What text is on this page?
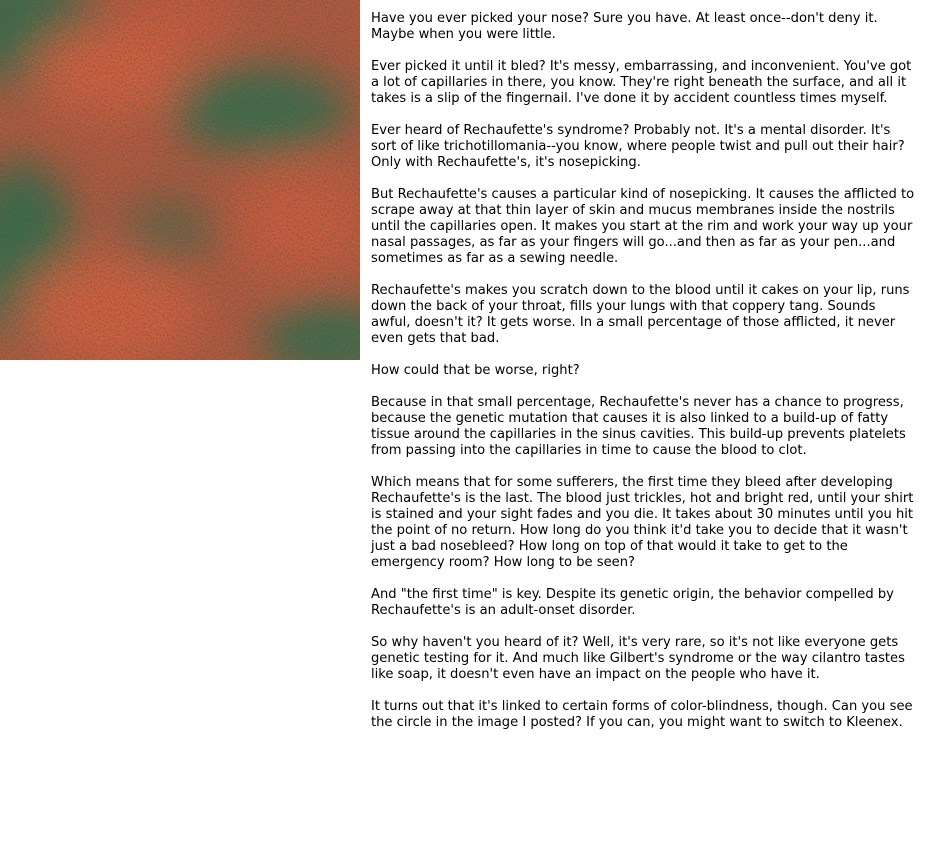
Have you ever picked your nose? Sure you have. At least once--don't deny it. Maybe when you were little.

Ever picked it until it bled? It's messy, embarrassing, and inconvenient. You've got a lot of capillaries in there, you know. They're right beneath the surface, and all it takes is a slip of the fingernail. I've done it by accident countless times myself.

Ever heard of Rechaufette's syndrome? Probably not. It's a mental disorder. It's sort of like trichotillomania--you know, where people twist and pull out their hair? Only with Rechaufette's, it's nosepicking.

But Rechaufette's causes a particular kind of nosepicking. It causes the afflicted to scrape away at that thin layer of skin and mucus membranes inside the nostrils until the capillaries open. It makes you start at the rim and work your way up your nasal passages, as far as your fingers will go...and then as far as your pen...and sometimes as far as a sewing needle.

Rechaufette's makes you scratch down to the blood until it cakes on your lip, runs down the back of your throat, fills your lungs with that coppery tang. Sounds awful, doesn't it? It gets worse. In a small percentage of those afflicted, it never even gets that bad.

How could that be worse, right?

Because in that small percentage, Rechaufette's never has a chance to progress, because the genetic mutation that causes it is also linked to a build-up of fatty tissue around the capillaries in the sinus cavities. This build-up prevents platelets from passing into the capillaries in time to cause the blood to clot.

Which means that for some sufferers, the first time they bleed after developing Rechaufette's is the last. The blood just trickles, hot and bright red, until your shirt is stained and your sight fades and you die. It takes about 30 minutes until you hit the point of no return. How long do you think it'd take you to decide that it wasn't just a bad nosebleed? How long on top of that would it take to get to the emergency room? How long to be seen?

And "the first time" is key. Despite its genetic origin, the behavior compelled by Rechaufette's is an adult-onset disorder.

So why haven't you heard of it? Well, it's very rare, so it's not like everyone gets genetic testing for it. And much like Gilbert's syndrome or the way cilantro tastes like soap, it doesn't even have an impact on the people who have it.

It turns out that it's linked to certain forms of color-blindness, though. Can you see the circle in the image I posted? If you can, you might want to switch to Kleenex.
